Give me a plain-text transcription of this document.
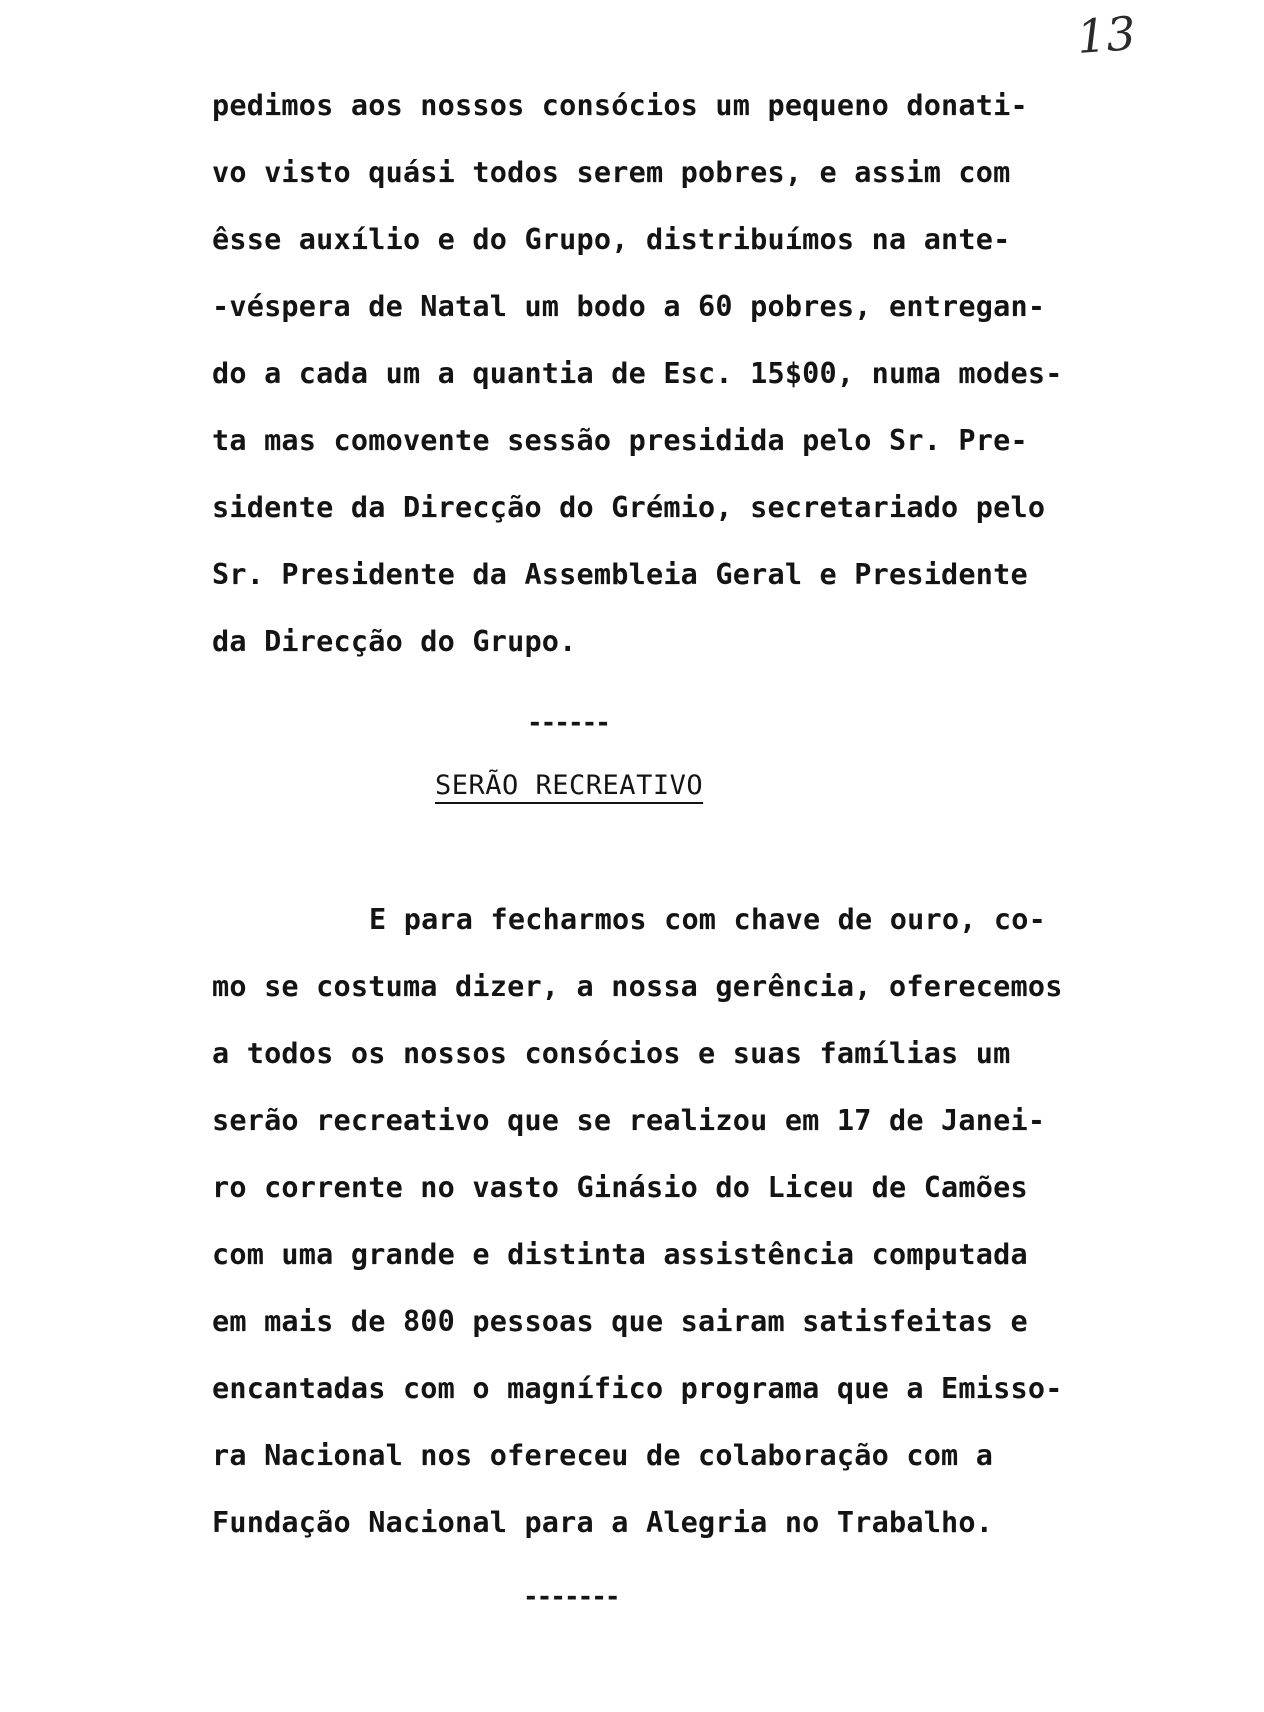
13

pedimos aos nossos consócios um pequeno donati-
vo visto quási todos serem pobres, e assim com
êsse auxílio e do Grupo, distribuímos na ante-
-véspera de Natal um bodo a 60 pobres, entregan-
do a cada um a quantia de Esc. 15$00, numa modes-
ta mas comovente sessão presidida pelo Sr. Pre-
sidente da Direcção do Grémio, secretariado pelo
Sr. Presidente da Assembleia Geral e Presidente
da Direcção do Grupo.

------
SERÃO RECREATIVO

E para fecharmos com chave de ouro, co-
mo se costuma dizer, a nossa gerência, oferecemos
a todos os nossos consócios e suas famílias um
serão recreativo que se realizou em 17 de Janei-
ro corrente no vasto Ginásio do Liceu de Camões
com uma grande e distinta assistência computada
em mais de 800 pessoas que sairam satisfeitas e
encantadas com o magnífico programa que a Emisso-
ra Nacional nos ofereceu de colaboração com a
Fundação Nacional para a Alegria no Trabalho.

-------
